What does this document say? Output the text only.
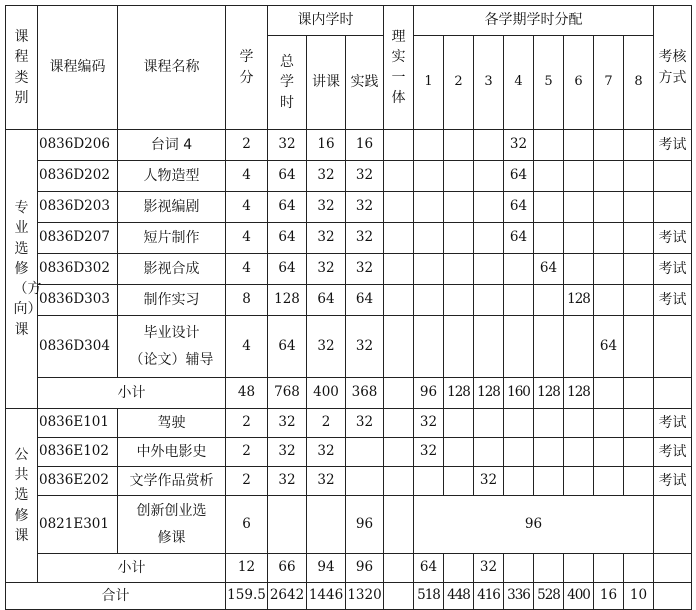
课程类别	课程编码	课程名称	学分	课内学时			理实一体	各学期学时分配								考核方式
				总学时	讲课	实践		1	2	3	4	5	6	7	8	
专业选修（方向）课	0836D206	台词 4	2	32	16	16					32					考试
	0836D202	人物造型	4	64	32	32					64					
	0836D203	影视编剧	4	64	32	32					64					
	0836D207	短片制作	4	64	32	32					64					考试
	0836D302	影视合成	4	64	32	32						64				考试
	0836D303	制作实习	8	128	64	64							128			考试
	0836D304	毕业设计
（论文）辅导	4	64	32	32								64		
	小计		48	768	400	368		96	128	128	160	128	128			
公共选修课	0836E101	驾驶	2	32	2	32		32								考试
	0836E102	中外电影史	2	32	32			32								考试
	0836E202	文学作品赏析	2	32	32					32						考试
	0821E301	创新创业选
修课	6			96		96								
	小计		12	66	94	96		64		32						
合计			159.5	2642	1446	1320		518	448	416	336	528	400	16	10	
